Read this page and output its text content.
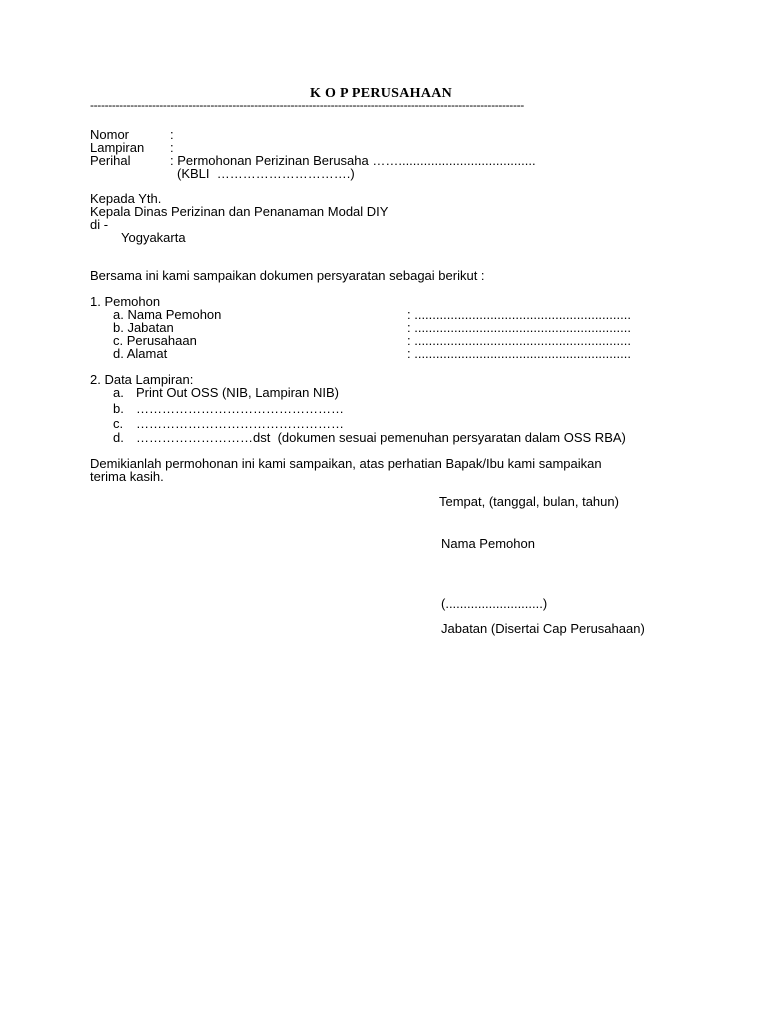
K O P PERUSAHAAN
-----------------------------------------------------------------------------------------------------------------------
Nomor	:
Lampiran :
Perihal	: Permohonan Perizinan Berusaha ……......................................
(KBLI  ………………………….)
Kepada Yth.
Kepala Dinas Perizinan dan Penanaman Modal DIY
di -
Yogyakarta
Bersama ini kami sampaikan dokumen persyaratan sebagai berikut :
1. Pemohon
a. Nama Pemohon	: ............................................................
b. Jabatan	: ............................................................
c. Perusahaan	: ............................................................
d. Alamat	: ............................................................
2. Data Lampiran:
a. Print Out OSS (NIB, Lampiran NIB)
b. …………………………………………
c. …………………………………………
d. ………………………dst  (dokumen sesuai pemenuhan persyaratan dalam OSS RBA)
Demikianlah permohonan ini kami sampaikan, atas perhatian Bapak/Ibu kami sampaikan
terima kasih.
Tempat, (tanggal, bulan, tahun)
Nama Pemohon
(...........................)
Jabatan (Disertai Cap Perusahaan)
